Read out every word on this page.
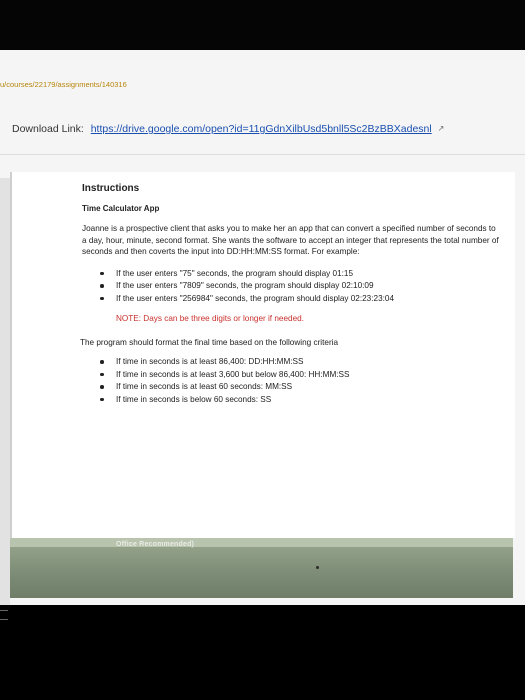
u/courses/22179/assignments/140316
Download Link: https://drive.google.com/open?id=11gGdnXilbUsd5bnll5Sc2BzBBXadesnl ↗
Instructions
Time Calculator App
Joanne is a prospective client that asks you to make her an app that can convert a specified number of seconds to a day, hour, minute, second format. She wants the software to accept an integer that represents the total number of seconds and then coverts the input into DD:HH:MM:SS format. For example:
If the user enters "75" seconds, the program should display 01:15
If the user enters "7809" seconds, the program should display 02:10:09
If the user enters "256984" seconds, the program should display 02:23:23:04
NOTE: Days can be three digits or longer if needed.
The program should format the final time based on the following criteria
If time in seconds is at least 86,400: DD:HH:MM:SS
If time in seconds is at least 3,600 but below 86,400: HH:MM:SS
If time in seconds is at least 60 seconds: MM:SS
If time in seconds is below 60 seconds: SS
Office Recommended)
